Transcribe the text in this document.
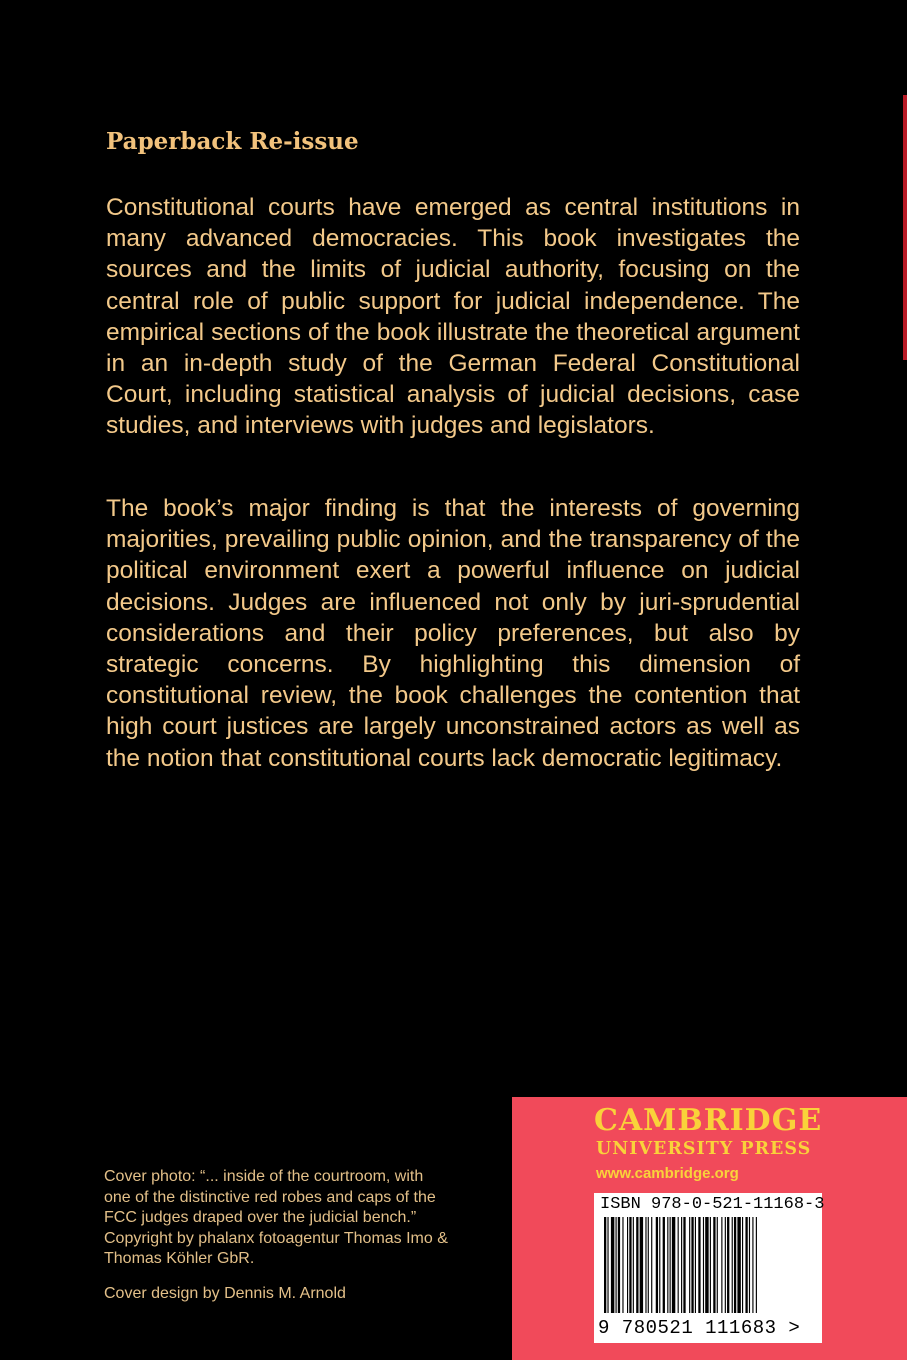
Paperback Re-issue

Constitutional courts have emerged as central institutions in many advanced democracies. This book investigates the sources and the limits of judicial authority, focusing on the central role of public support for judicial independence. The empirical sections of the book illustrate the theoretical argument in an in-depth study of the German Federal Constitutional Court, including statistical analysis of judicial decisions, case studies, and interviews with judges and legislators.

The book’s major finding is that the interests of governing majorities, prevailing public opinion, and the transparency of the political environment exert a powerful influence on judicial decisions. Judges are influenced not only by juri-sprudential considerations and their policy preferences, but also by strategic concerns. By highlighting this dimension of constitutional review, the book challenges the contention that high court justices are largely unconstrained actors as well as the notion that constitutional courts lack democratic legitimacy.

Cover photo: “... inside of the courtroom, with
one of the distinctive red robes and caps of the
FCC judges draped over the judicial bench.”
Copyright by phalanx fotoagentur Thomas Imo &
Thomas Köhler GbR.

Cover design by Dennis M. Arnold

CAMBRIDGE
UNIVERSITY PRESS
www.cambridge.org
ISBN 978-0-521-11168-3
9 780521 111683 >
